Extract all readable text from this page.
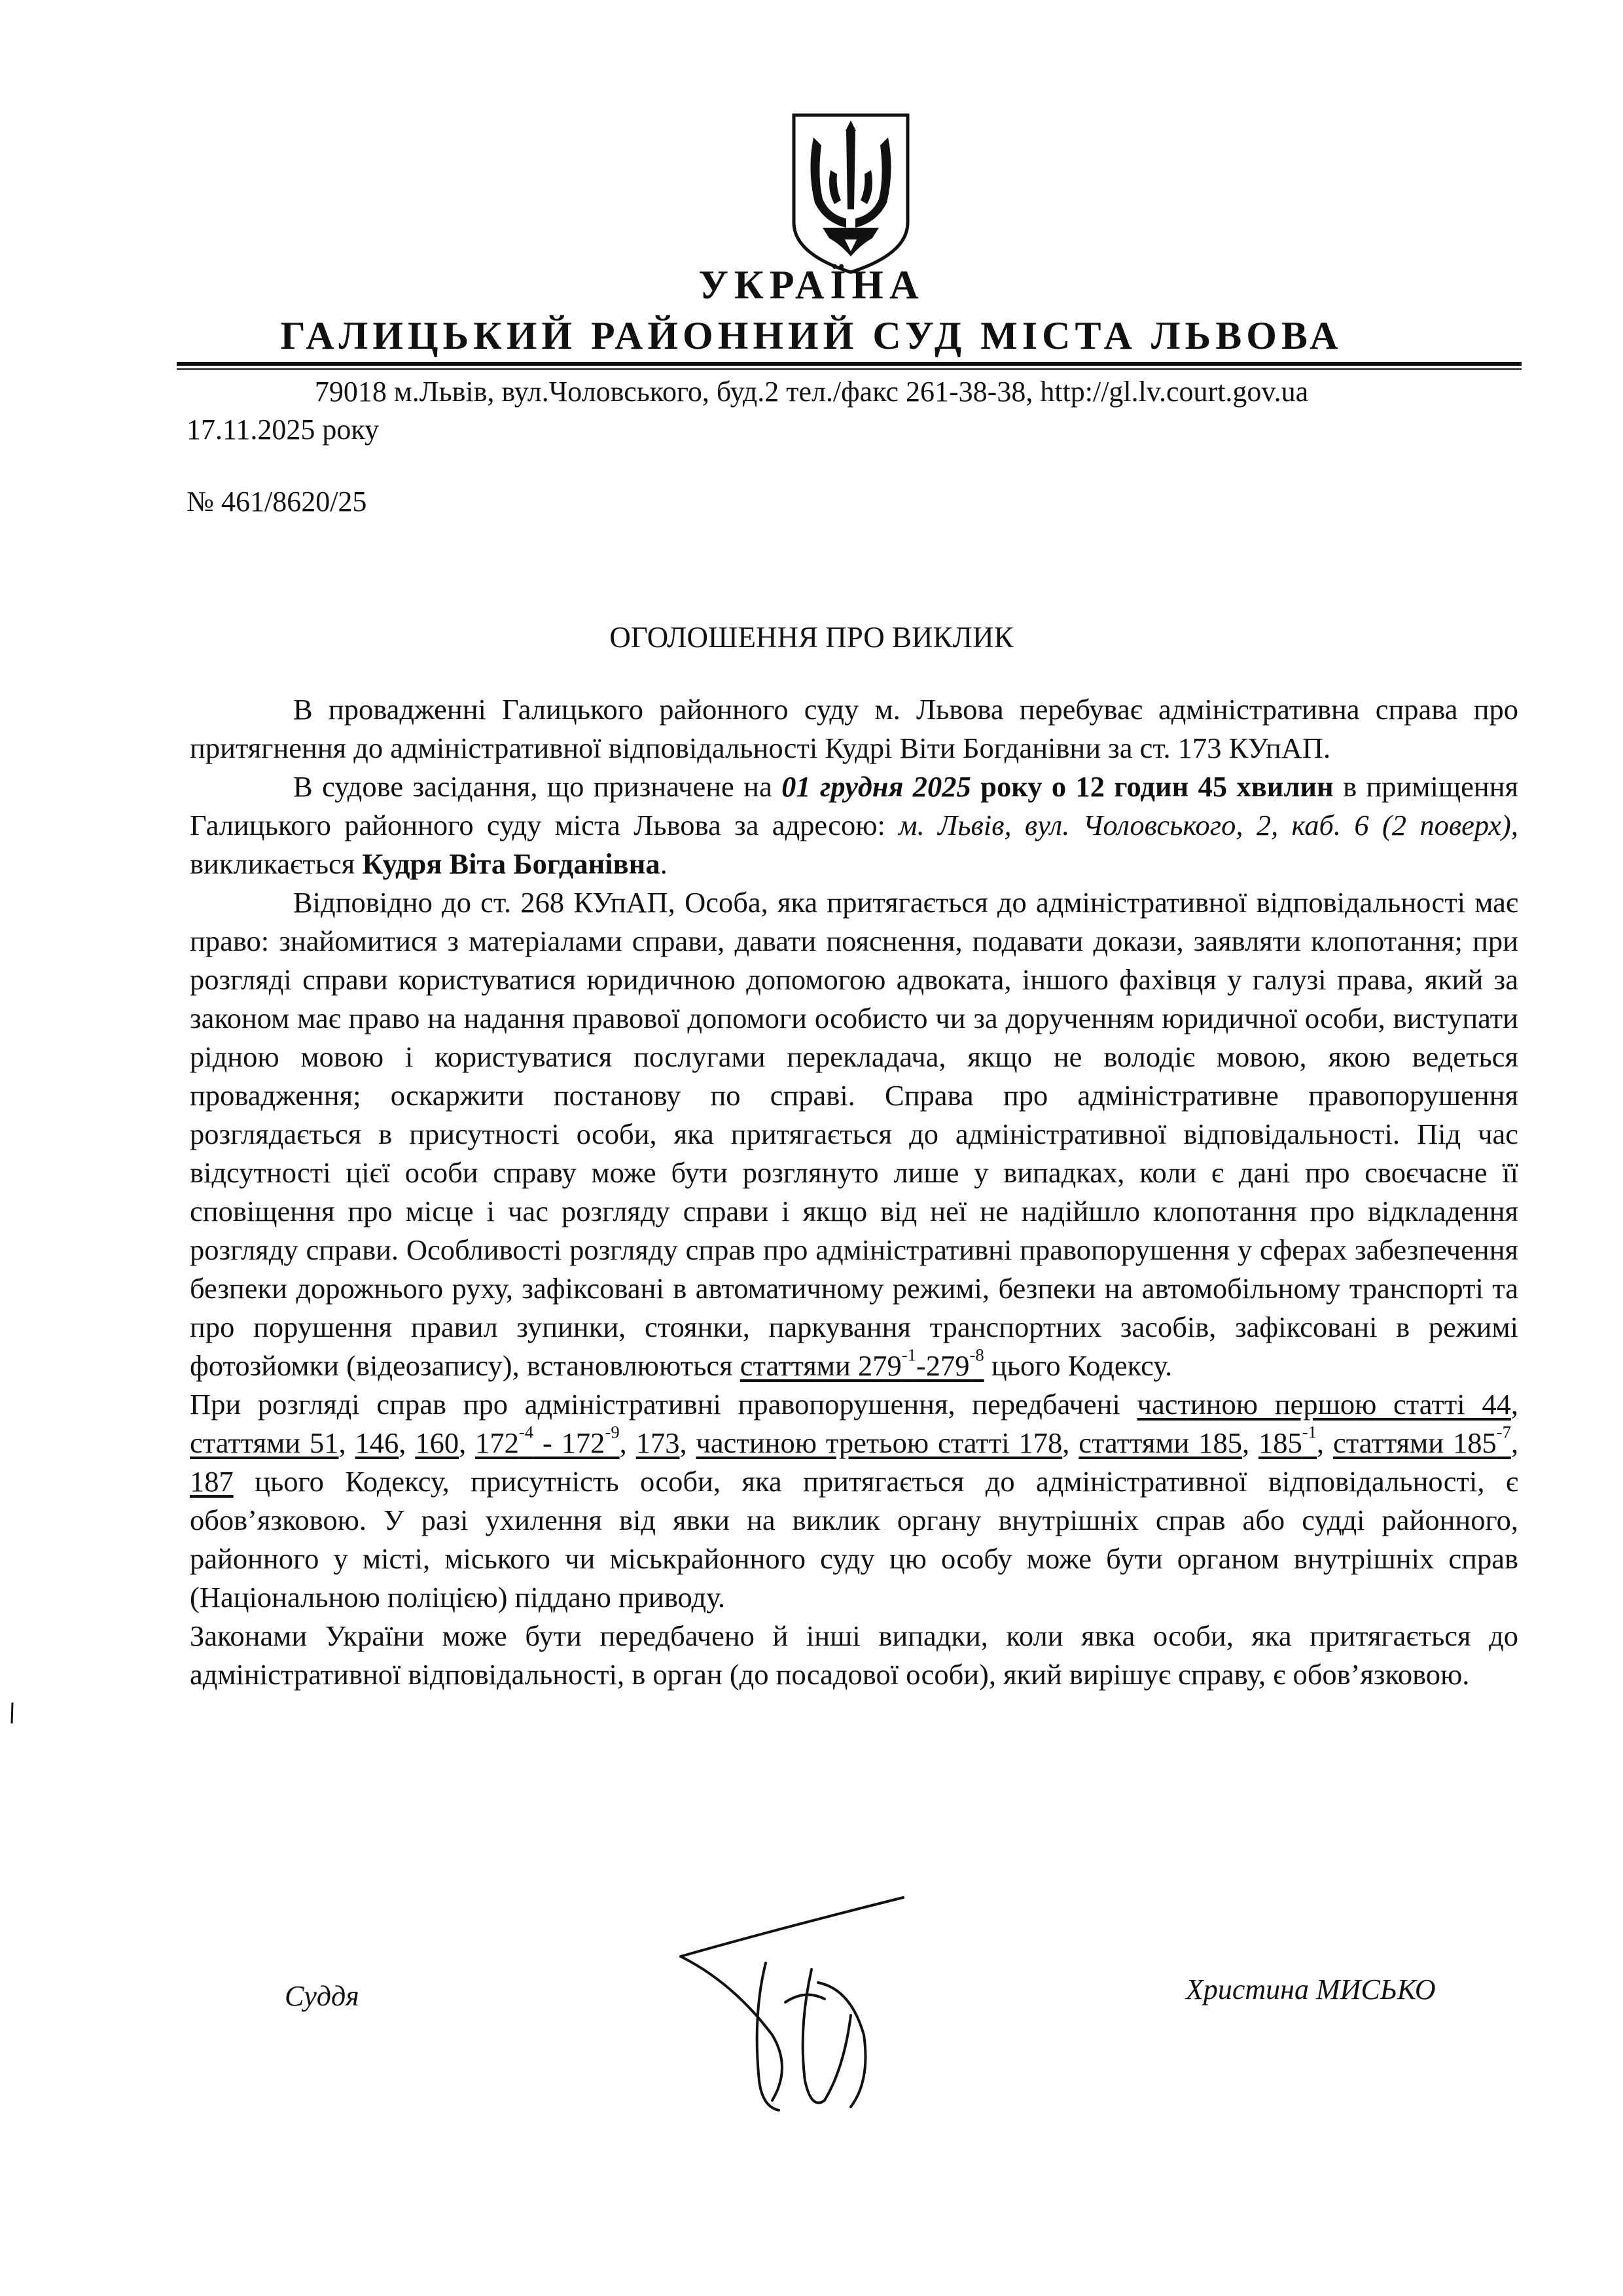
УКРАЇНА
ГАЛИЦЬКИЙ РАЙОННИЙ СУД МІСТА ЛЬВОВА
79018 м.Львів, вул.Чоловського, буд.2 тел./факс 261-38-38, http://gl.lv.court.gov.ua
17.11.2025 року
№ 461/8620/25
ОГОЛОШЕННЯ ПРО ВИКЛИК

В провадженні Галицького районного суду м. Львова перебуває адміністративна справа про притягнення до адміністративної відповідальності Кудрі Віти Богданівни за ст. 173 КУпАП.

В судове засідання, що призначене на 01 грудня 2025 року о 12 годин 45 хвилин в приміщення Галицького районного суду міста Львова за адресою: м. Львів, вул. Чоловського, 2, каб. 6 (2 поверх), викликається Кудря Віта Богданівна.

Відповідно до ст. 268 КУпАП, Особа, яка притягається до адміністративної відповідальності має право: знайомитися з матеріалами справи, давати пояснення, подавати докази, заявляти клопотання; при розгляді справи користуватися юридичною допомогою адвоката, іншого фахівця у галузі права, який за законом має право на надання правової допомоги особисто чи за дорученням юридичної особи, виступати рідною мовою і користуватися послугами перекладача, якщо не володіє мовою, якою ведеться провадження; оскаржити постанову по справі. Справа про адміністративне правопорушення розглядається в присутності особи, яка притягається до адміністративної відповідальності. Під час відсутності цієї особи справу може бути розглянуто лише у випадках, коли є дані про своєчасне її сповіщення про місце і час розгляду справи і якщо від неї не надійшло клопотання про відкладення розгляду справи. Особливості розгляду справ про адміністративні правопорушення у сферах забезпечення безпеки дорожнього руху, зафіксовані в автоматичному режимі, безпеки на автомобільному транспорті та про порушення правил зупинки, стоянки, паркування транспортних засобів, зафіксовані в режимі фотозйомки (відеозапису), встановлюються статтями $279^{-1}-279^{-8}$ цього Кодексу.

При розгляді справ про адміністративні правопорушення, передбачені частиною першою статті 44, статтями 51, 146, 160, $172^{-4} - 172^{-9}$, 173, частиною третьою статті 178, статтями 185, $185^{-1}$, статтями $185^{-7}$, 187 цього Кодексу, присутність особи, яка притягається до адміністративної відповідальності, є обов’язковою. У разі ухилення від явки на виклик органу внутрішніх справ або судді районного, районного у місті, міського чи міськрайонного суду цю особу може бути органом внутрішніх справ (Національною поліцією) піддано приводу.

Законами України може бути передбачено й інші випадки, коли явка особи, яка притягається до адміністративної відповідальності, в орган (до посадової особи), який вирішує справу, є обов’язковою.

Суддя	Христина МИСЬКО
